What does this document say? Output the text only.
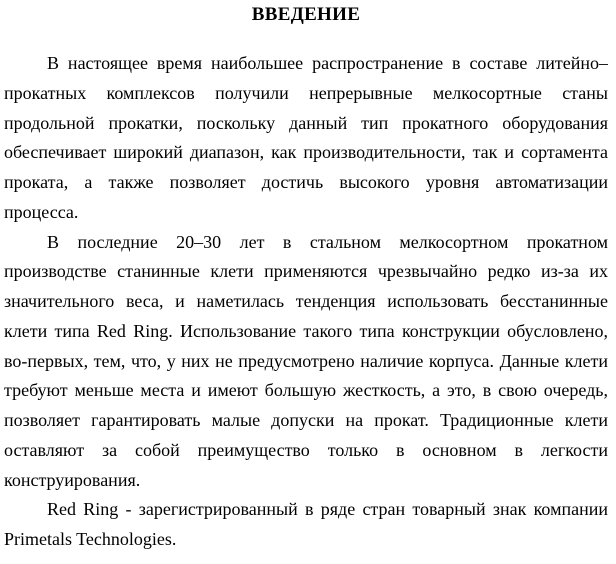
ВВЕДЕНИЕ
В настоящее время наибольшее распространение в составе литейно–
прокатных комплексов получили непрерывные мелкосортные станы
продольной прокатки, поскольку данный тип прокатного оборудования
обеспечивает широкий диапазон, как производительности, так и сортамента
проката, а также позволяет достичь высокого уровня автоматизации
процесса.
В последние 20–30 лет в стальном мелкосортном прокатном
производстве станинные клети применяются чрезвычайно редко из-за их
значительного веса, и наметилась тенденция использовать бесстанинные
клети типа Red Ring. Использование такого типа конструкции обусловлено,
во-первых, тем, что, у них не предусмотрено наличие корпуса. Данные клети
требуют меньше места и имеют большую жесткость, а это, в свою очередь,
позволяет гарантировать малые допуски на прокат. Традиционные клети
оставляют за собой преимущество только в основном в легкости
конструирования.
Red Ring - зарегистрированный в ряде стран товарный знак компании
Primetals Technologies.
